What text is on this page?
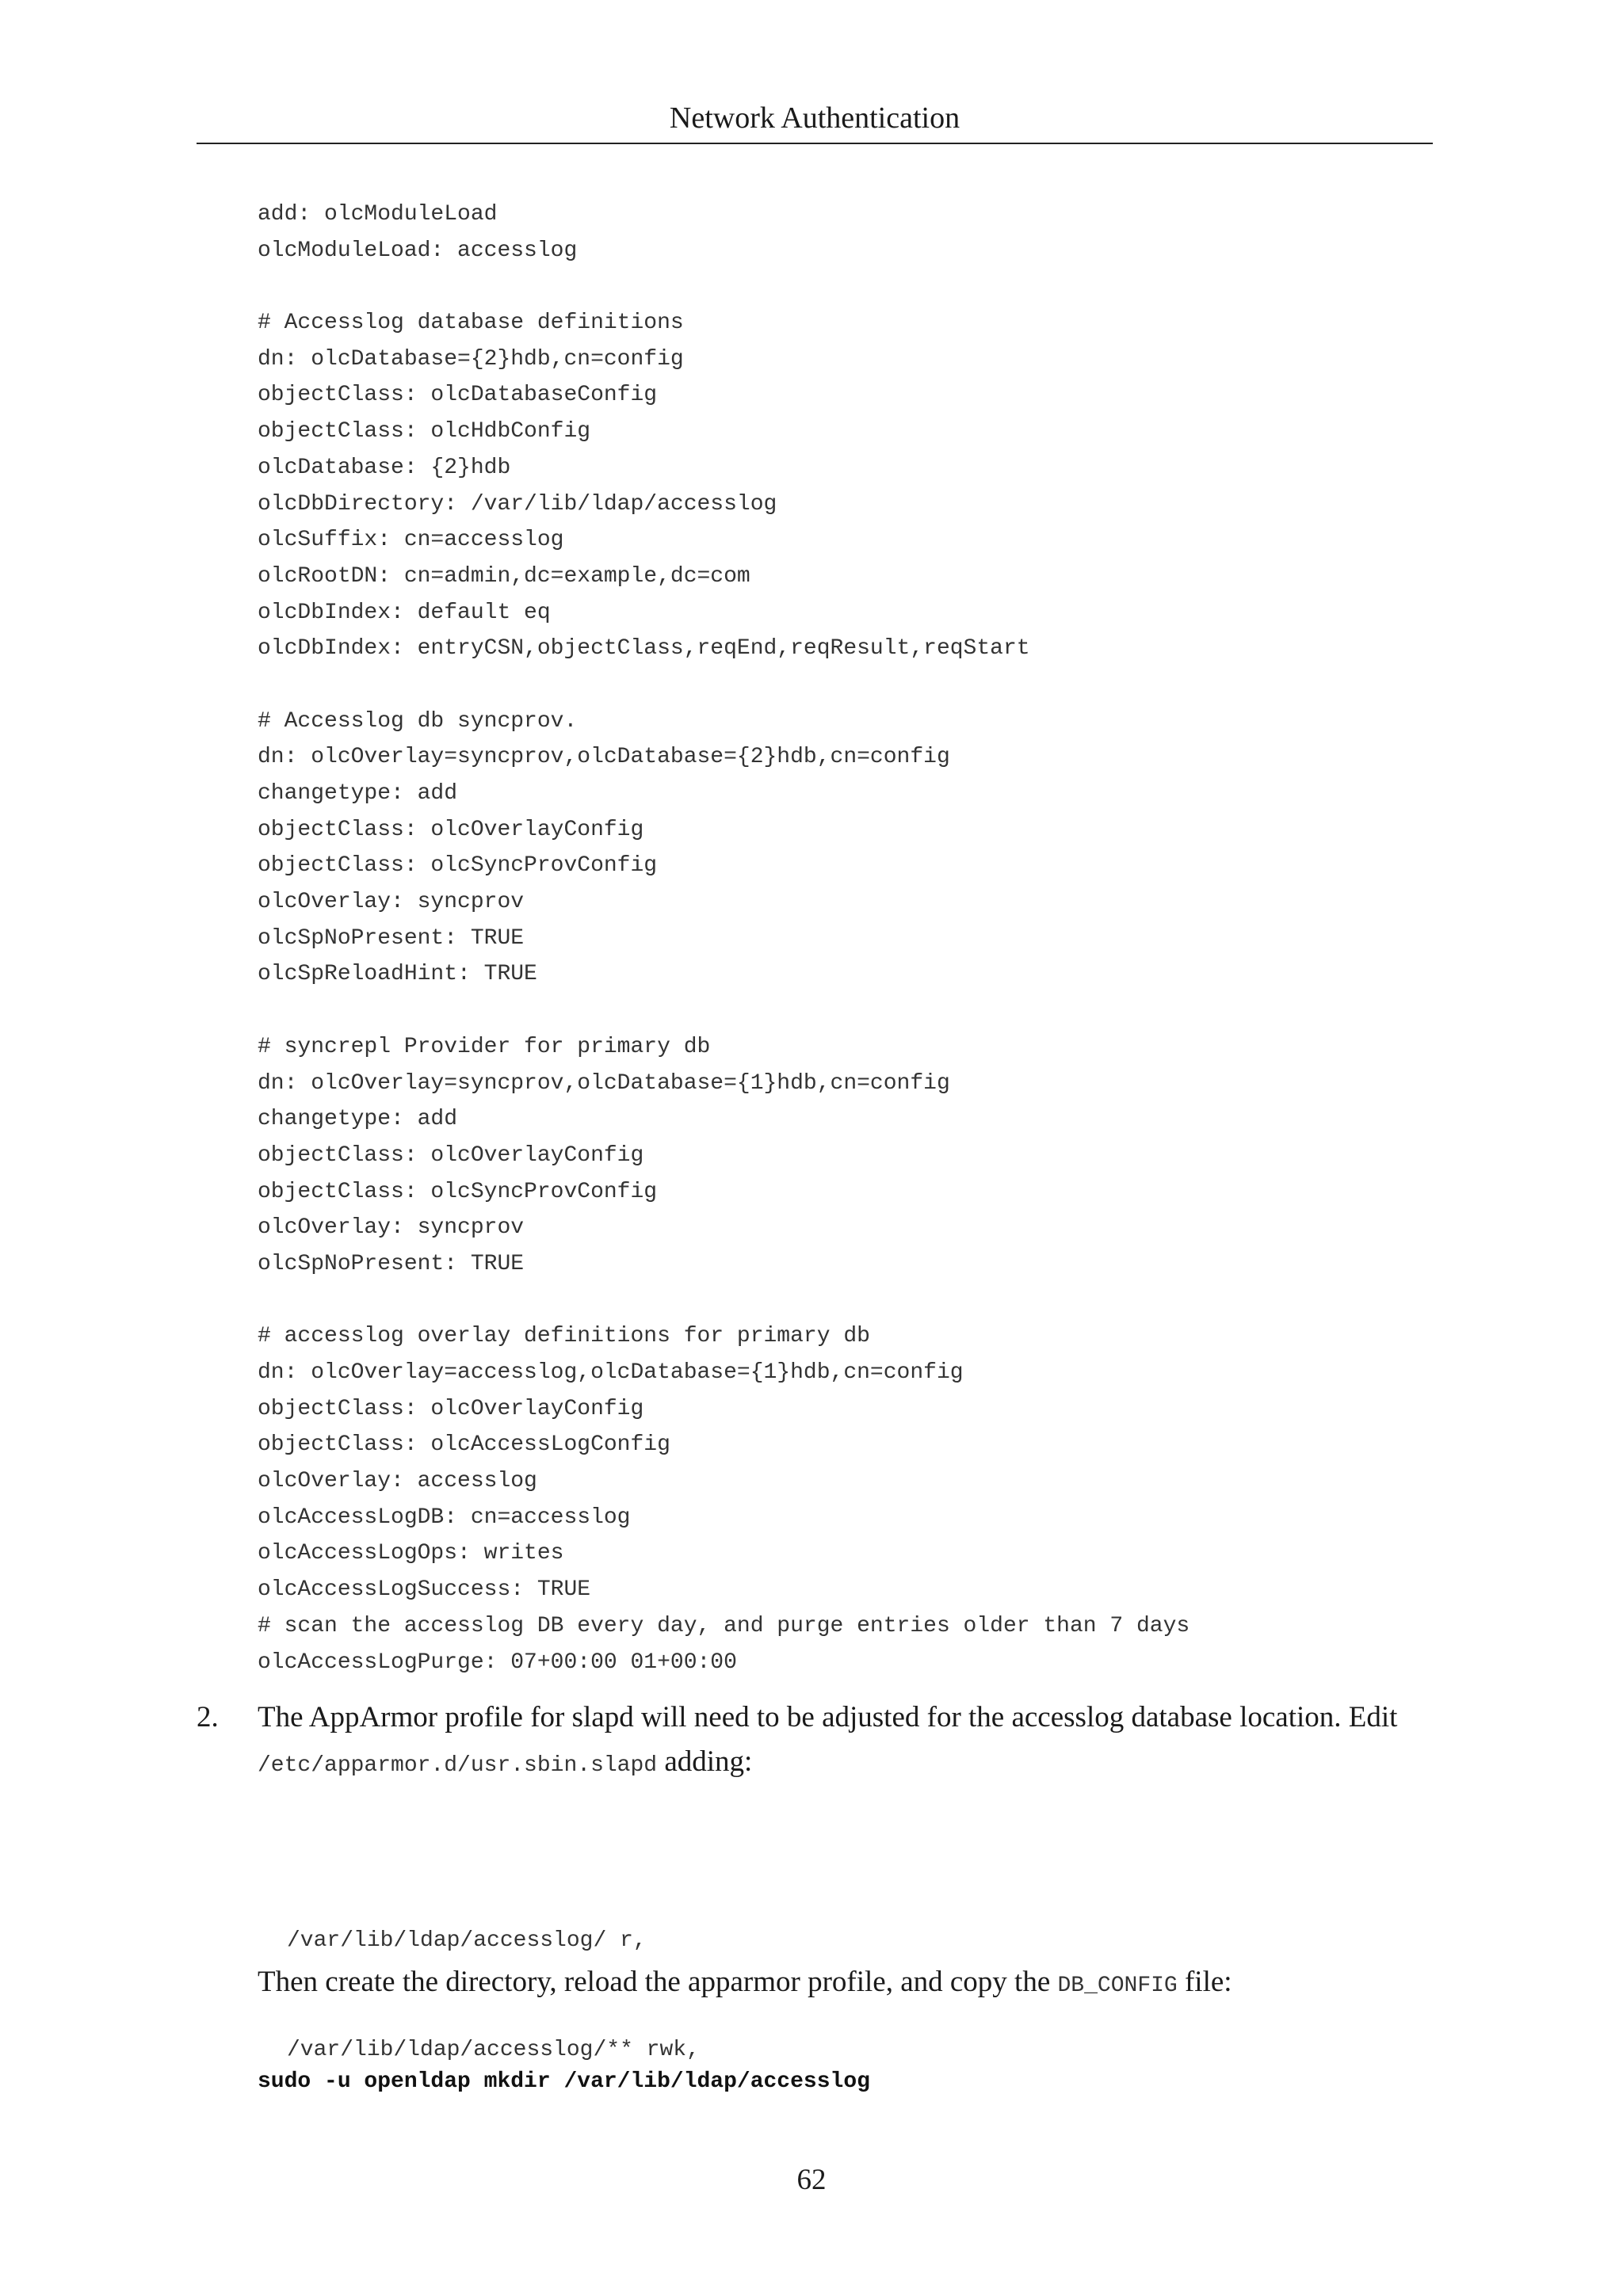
Network Authentication
add: olcModuleLoad
olcModuleLoad: accesslog
# Accesslog database definitions
dn: olcDatabase={2}hdb,cn=config
objectClass: olcDatabaseConfig
objectClass: olcHdbConfig
olcDatabase: {2}hdb
olcDbDirectory: /var/lib/ldap/accesslog
olcSuffix: cn=accesslog
olcRootDN: cn=admin,dc=example,dc=com
olcDbIndex: default eq
olcDbIndex: entryCSN,objectClass,reqEnd,reqResult,reqStart
# Accesslog db syncprov.
dn: olcOverlay=syncprov,olcDatabase={2}hdb,cn=config
changetype: add
objectClass: olcOverlayConfig
objectClass: olcSyncProvConfig
olcOverlay: syncprov
olcSpNoPresent: TRUE
olcSpReloadHint: TRUE
# syncrepl Provider for primary db
dn: olcOverlay=syncprov,olcDatabase={1}hdb,cn=config
changetype: add
objectClass: olcOverlayConfig
objectClass: olcSyncProvConfig
olcOverlay: syncprov
olcSpNoPresent: TRUE
# accesslog overlay definitions for primary db
dn: olcOverlay=accesslog,olcDatabase={1}hdb,cn=config
objectClass: olcOverlayConfig
objectClass: olcAccessLogConfig
olcOverlay: accesslog
olcAccessLogDB: cn=accesslog
olcAccessLogOps: writes
olcAccessLogSuccess: TRUE
# scan the accesslog DB every day, and purge entries older than 7 days
olcAccessLogPurge: 07+00:00 01+00:00
2. The AppArmor profile for slapd will need to be adjusted for the accesslog database location. Edit /etc/apparmor.d/usr.sbin.slapd adding:

/var/lib/ldap/accesslog/ r,

/var/lib/ldap/accesslog/** rwk,

Then create the directory, reload the apparmor profile, and copy the DB_CONFIG file:
sudo -u openldap mkdir /var/lib/ldap/accesslog
62
